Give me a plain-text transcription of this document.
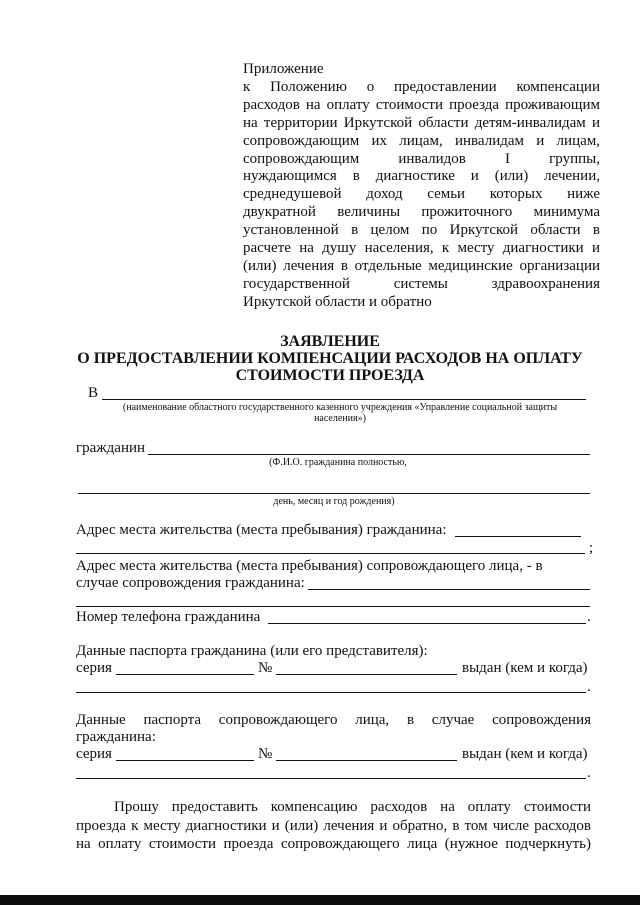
Приложение
к Положению о предоставлении компенсации
расходов на оплату стоимости проезда проживающим
на территории Иркутской области детям-инвалидам и
сопровождающим их лицам, инвалидам и лицам,
сопровождающим инвалидов I группы,
нуждающимся в диагностике и (или) лечении,
среднедушевой доход семьи которых ниже
двукратной величины прожиточного минимума
установленной в целом по Иркутской области в
расчете на душу населения, к месту диагностики и
(или) лечения в отдельные медицинские организации
государственной системы здравоохранения
Иркутской области и обратно
ЗАЯВЛЕНИЕ
О ПРЕДОСТАВЛЕНИИ КОМПЕНСАЦИИ РАСХОДОВ НА ОПЛАТУ
СТОИМОСТИ ПРОЕЗДА
В
(наименование областного государственного казенного учреждения «Управление социальной защиты
населения»)
гражданин
(Ф.И.О. гражданина полностью,
день, месяц и год рождения)
Адрес места жительства (места пребывания) гражданина:
;
Адрес места жительства (места пребывания) сопровождающего лица, - в
случае сопровождения гражданина:
Номер телефона гражданина	.
Данные паспорта гражданина (или его представителя):
серия	№	выдан (кем и когда)
.
Данные паспорта сопровождающего лица, в случае сопровождения
гражданина:
серия	№	выдан (кем и когда)
.
Прошу предоставить компенсацию расходов на оплату стоимости
проезда к месту диагностики и (или) лечения и обратно, в том числе расходов
на оплату стоимости проезда сопровождающего лица (нужное подчеркнуть)
